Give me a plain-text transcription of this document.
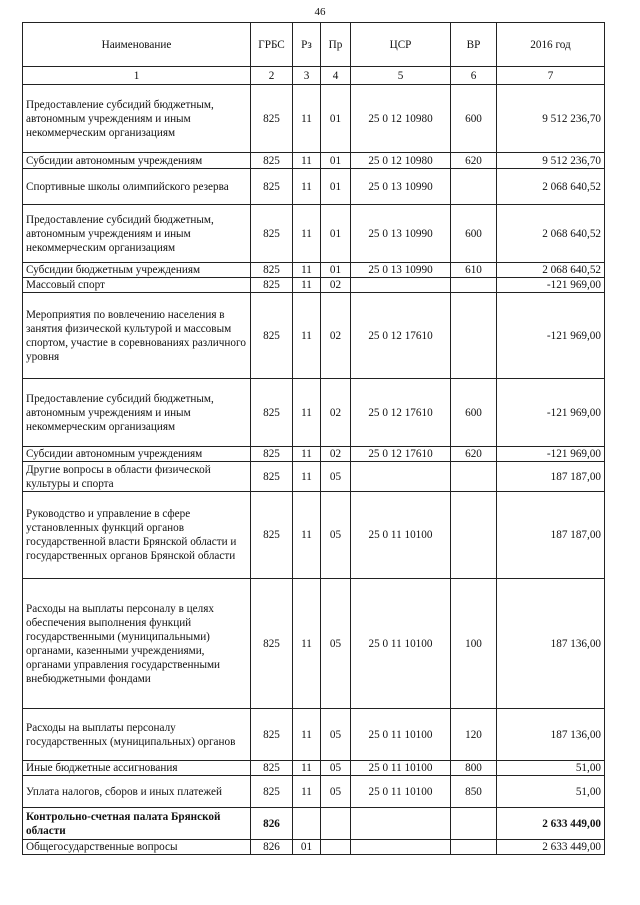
46
Наименование	ГРБС	Рз	Пр	ЦСР	ВР	2016 год
1	2	3	4	5	6	7
Предоставление субсидий бюджетным, автономным учреждениям и иным некоммерческим организациям	825	11	01	25 0 12 10980	600	9 512 236,70
Субсидии автономным учреждениям	825	11	01	25 0 12 10980	620	9 512 236,70
Спортивные школы олимпийского резерва	825	11	01	25 0 13 10990		2 068 640,52
Предоставление субсидий бюджетным, автономным учреждениям и иным некоммерческим организациям	825	11	01	25 0 13 10990	600	2 068 640,52
Субсидии бюджетным учреждениям	825	11	01	25 0 13 10990	610	2 068 640,52
Массовый спорт	825	11	02			-121 969,00
Мероприятия по вовлечению населения в занятия физической культурой и массовым спортом, участие в соревнованиях различного уровня	825	11	02	25 0 12 17610		-121 969,00
Предоставление субсидий бюджетным, автономным учреждениям и иным некоммерческим организациям	825	11	02	25 0 12 17610	600	-121 969,00
Субсидии автономным учреждениям	825	11	02	25 0 12 17610	620	-121 969,00
Другие вопросы в области физической культуры и спорта	825	11	05			187 187,00
Руководство и управление в сфере установленных функций органов государственной власти Брянской области и государственных органов Брянской области	825	11	05	25 0 11 10100		187 187,00
Расходы на выплаты персоналу в целях обеспечения выполнения функций государственными (муниципальными) органами, казенными учреждениями, органами управления государственными внебюджетными фондами	825	11	05	25 0 11 10100	100	187 136,00
Расходы на выплаты персоналу государственных (муниципальных) органов	825	11	05	25 0 11 10100	120	187 136,00
Иные бюджетные ассигнования	825	11	05	25 0 11 10100	800	51,00
Уплата налогов, сборов и иных платежей	825	11	05	25 0 11 10100	850	51,00
Контрольно-счетная палата Брянской области	826					2 633 449,00
Общегосударственные вопросы	826	01				2 633 449,00
